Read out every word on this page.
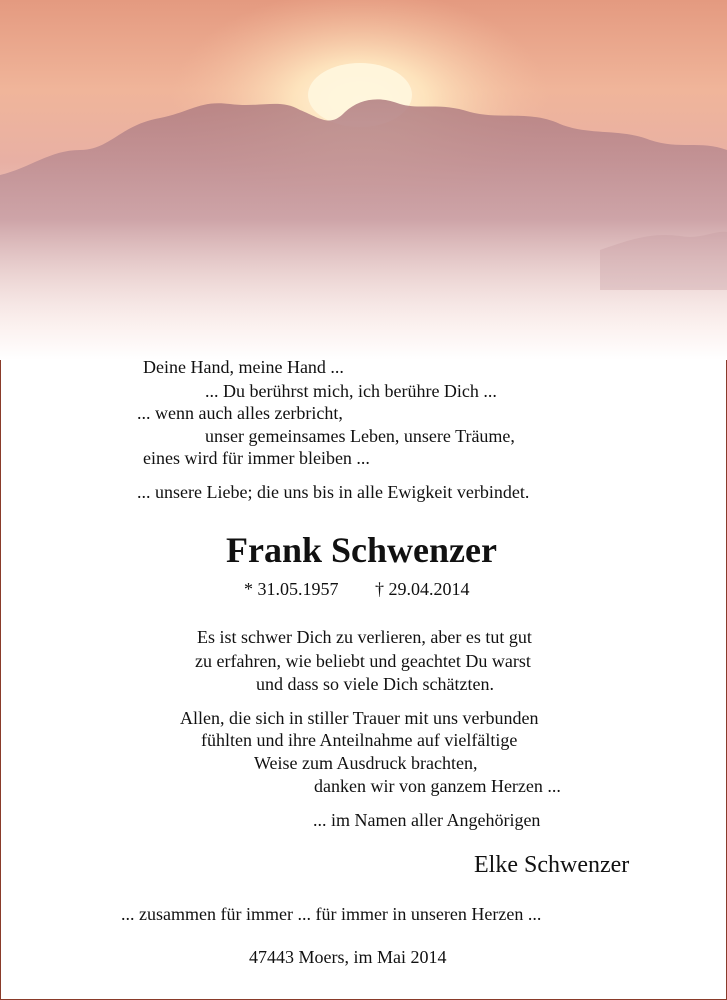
Deine Hand, meine Hand ...
... Du berührst mich, ich berühre Dich ...
... wenn auch alles zerbricht,
unser gemeinsames Leben, unsere Träume,
eines wird für immer bleiben ...
... unsere Liebe; die uns bis in alle Ewigkeit verbindet.
Frank Schwenzer
* 31.05.1957 † 29.04.2014
Es ist schwer Dich zu verlieren, aber es tut gut
zu erfahren, wie beliebt und geachtet Du warst
und dass so viele Dich schätzten.
Allen, die sich in stiller Trauer mit uns verbunden
fühlten und ihre Anteilnahme auf vielfältige
Weise zum Ausdruck brachten,
danken wir von ganzem Herzen ...
... im Namen aller Angehörigen
Elke Schwenzer
... zusammen für immer ... für immer in unseren Herzen ...
47443 Moers, im Mai 2014
